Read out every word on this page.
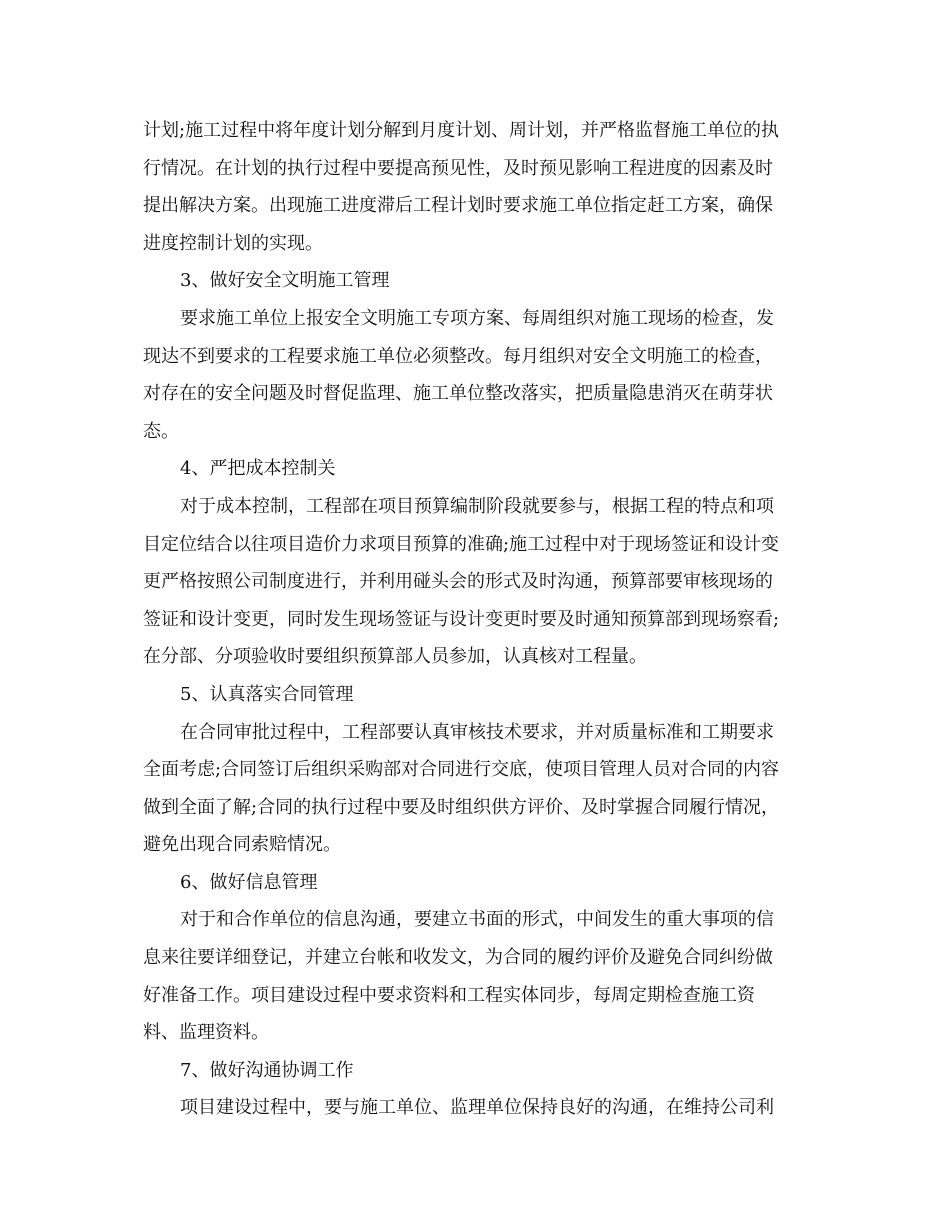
计划;施工过程中将年度计划分解到月度计划、周计划，并严格监督施工单位的执
行情况。在计划的执行过程中要提高预见性，及时预见影响工程进度的因素及时
提出解决方案。出现施工进度滞后工程计划时要求施工单位指定赶工方案，确保
进度控制计划的实现。
3、做好安全文明施工管理
要求施工单位上报安全文明施工专项方案、每周组织对施工现场的检查，发
现达不到要求的工程要求施工单位必须整改。每月组织对安全文明施工的检查，
对存在的安全问题及时督促监理、施工单位整改落实，把质量隐患消灭在萌芽状
态。
4、严把成本控制关
对于成本控制，工程部在项目预算编制阶段就要参与，根据工程的特点和项
目定位结合以往项目造价力求项目预算的准确;施工过程中对于现场签证和设计变
更严格按照公司制度进行，并利用碰头会的形式及时沟通，预算部要审核现场的
签证和设计变更，同时发生现场签证与设计变更时要及时通知预算部到现场察看;
在分部、分项验收时要组织预算部人员参加，认真核对工程量。
5、认真落实合同管理
在合同审批过程中，工程部要认真审核技术要求，并对质量标准和工期要求
全面考虑;合同签订后组织采购部对合同进行交底，使项目管理人员对合同的内容
做到全面了解;合同的执行过程中要及时组织供方评价、及时掌握合同履行情况，
避免出现合同索赔情况。
6、做好信息管理
对于和合作单位的信息沟通，要建立书面的形式，中间发生的重大事项的信
息来往要详细登记，并建立台帐和收发文，为合同的履约评价及避免合同纠纷做
好准备工作。项目建设过程中要求资料和工程实体同步，每周定期检查施工资
料、监理资料。
7、做好沟通协调工作
项目建设过程中，要与施工单位、监理单位保持良好的沟通，在维持公司利
